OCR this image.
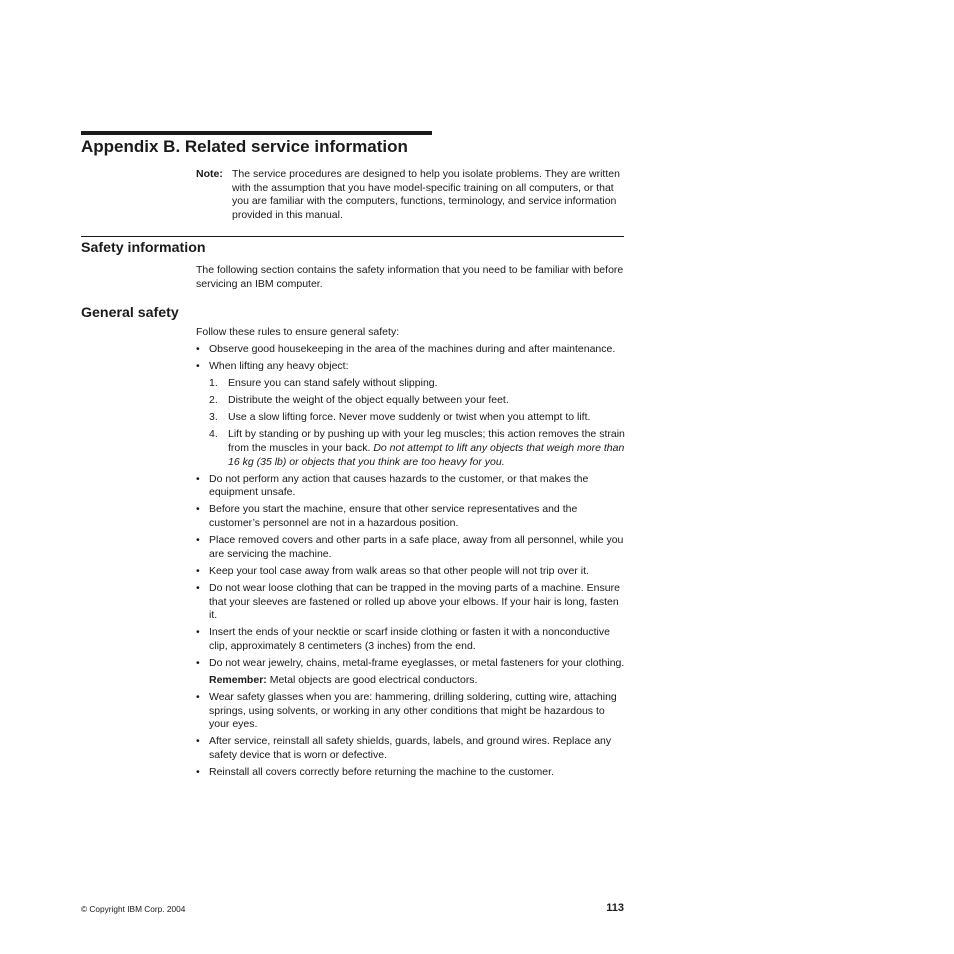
Appendix B. Related service information
Note: The service procedures are designed to help you isolate problems. They are written with the assumption that you have model-specific training on all computers, or that you are familiar with the computers, functions, terminology, and service information provided in this manual.
Safety information

The following section contains the safety information that you need to be familiar with before servicing an IBM computer.

General safety

Follow these rules to ensure general safety:

• Observe good housekeeping in the area of the machines during and after maintenance.
• When lifting any heavy object:
1. Ensure you can stand safely without slipping.
2. Distribute the weight of the object equally between your feet.
3. Use a slow lifting force. Never move suddenly or twist when you attempt to lift.
4. Lift by standing or by pushing up with your leg muscles; this action removes the strain from the muscles in your back. Do not attempt to lift any objects that weigh more than 16 kg (35 lb) or objects that you think are too heavy for you.
• Do not perform any action that causes hazards to the customer, or that makes the equipment unsafe.
• Before you start the machine, ensure that other service representatives and the customer’s personnel are not in a hazardous position.
• Place removed covers and other parts in a safe place, away from all personnel, while you are servicing the machine.
• Keep your tool case away from walk areas so that other people will not trip over it.
• Do not wear loose clothing that can be trapped in the moving parts of a machine. Ensure that your sleeves are fastened or rolled up above your elbows. If your hair is long, fasten it.
• Insert the ends of your necktie or scarf inside clothing or fasten it with a nonconductive clip, approximately 8 centimeters (3 inches) from the end.
• Do not wear jewelry, chains, metal-frame eyeglasses, or metal fasteners for your clothing.
Remember: Metal objects are good electrical conductors.
• Wear safety glasses when you are: hammering, drilling soldering, cutting wire, attaching springs, using solvents, or working in any other conditions that might be hazardous to your eyes.
• After service, reinstall all safety shields, guards, labels, and ground wires. Replace any safety device that is worn or defective.
• Reinstall all covers correctly before returning the machine to the customer.
© Copyright IBM Corp. 2004	113
